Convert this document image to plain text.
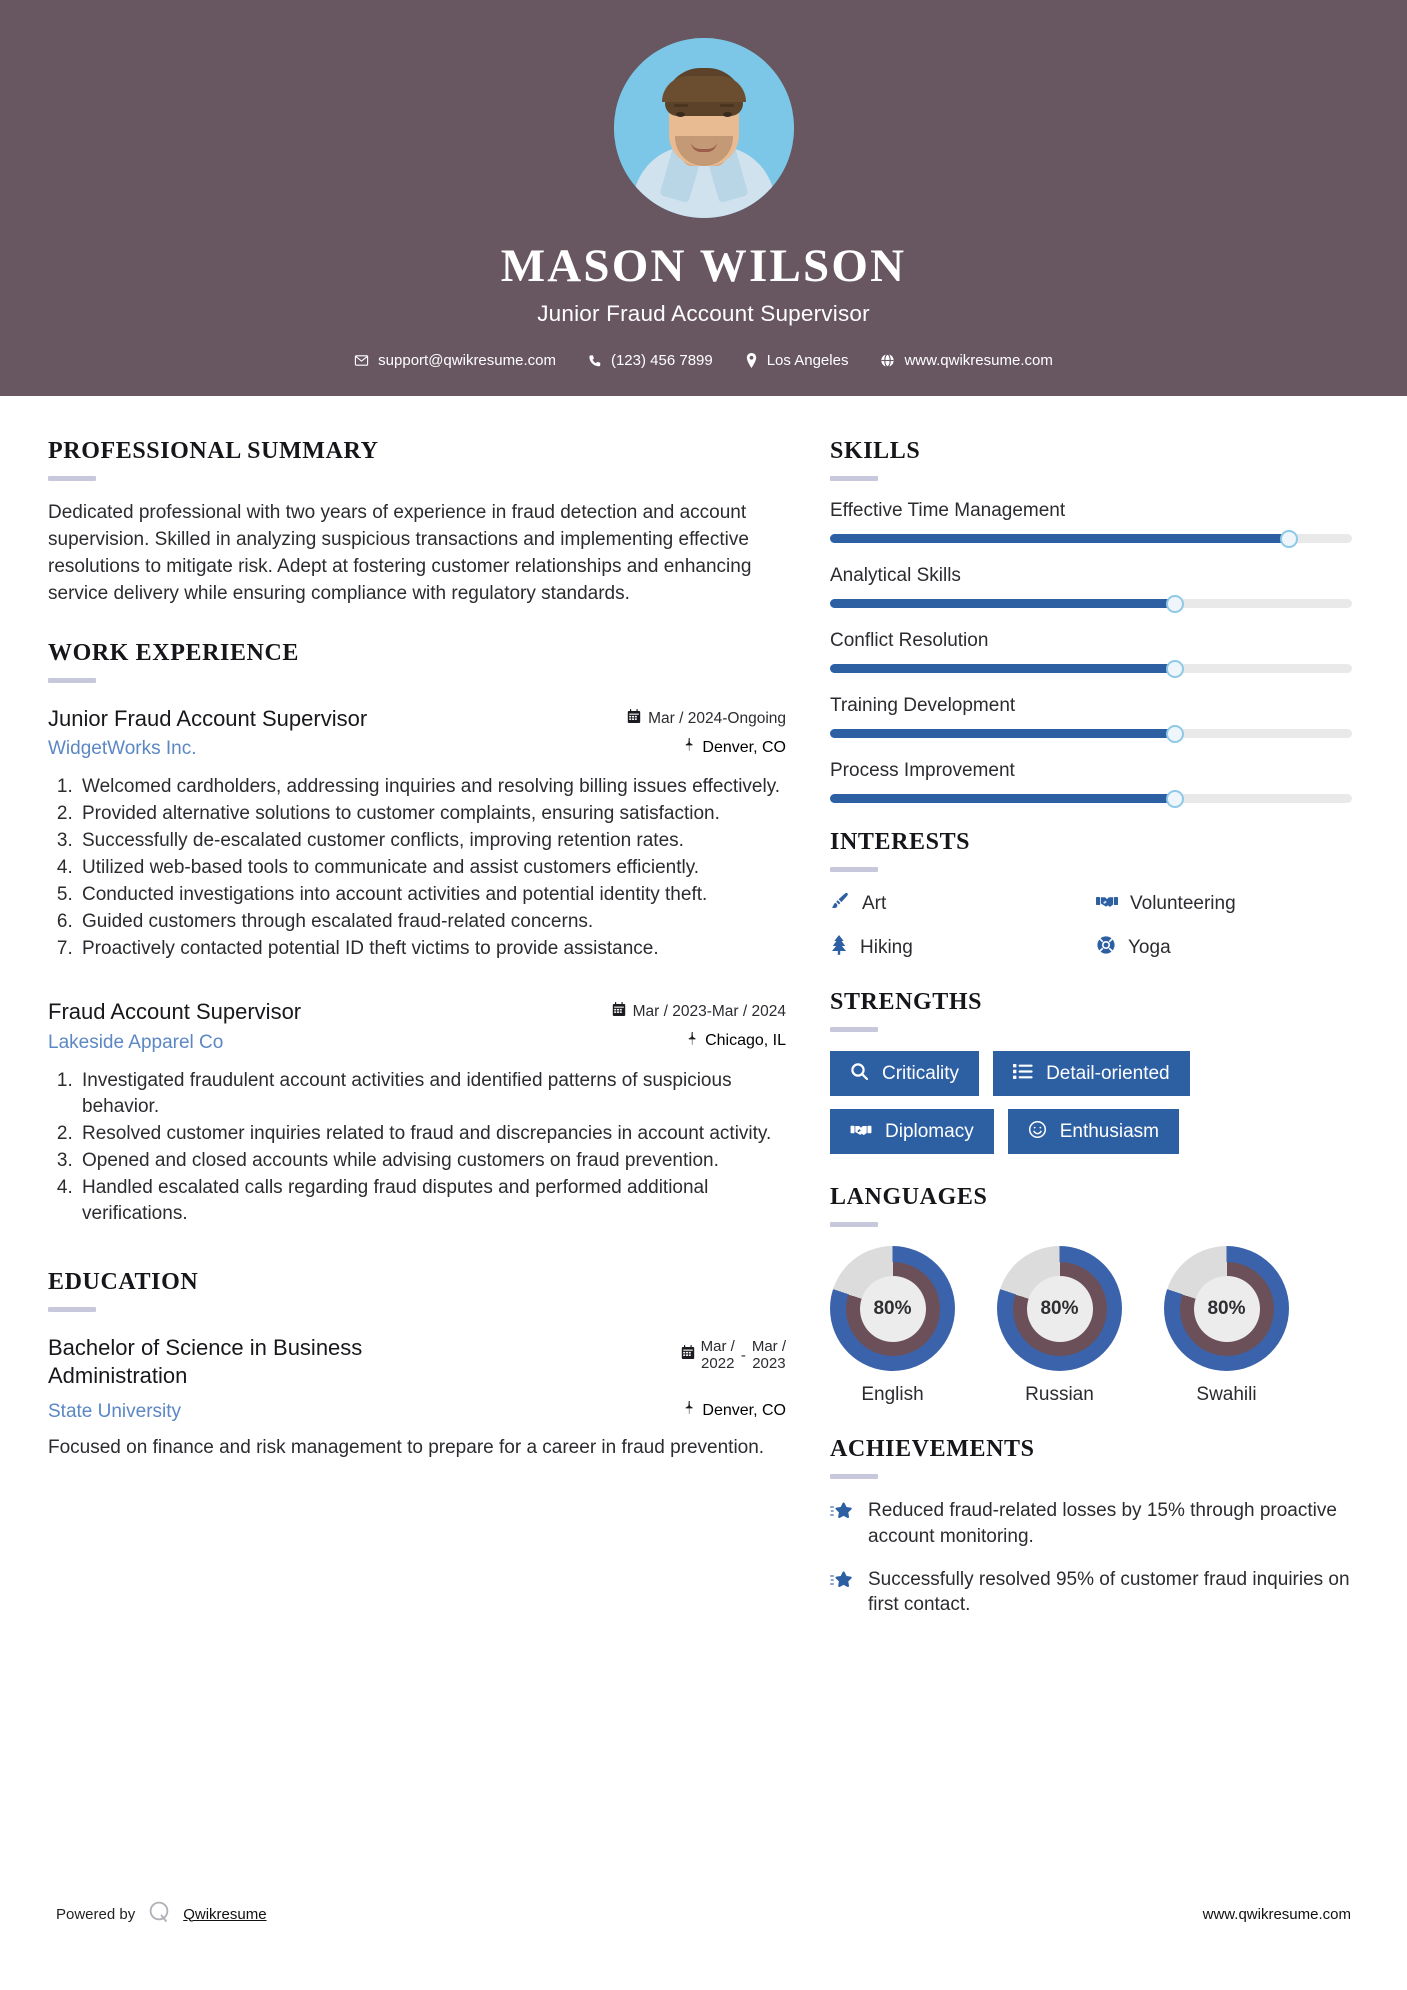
MASON WILSON
Junior Fraud Account Supervisor
support@qwikresume.com	(123) 456 7899	Los Angeles	www.qwikresume.com
PROFESSIONAL SUMMARY
Dedicated professional with two years of experience in fraud detection and account supervision. Skilled in analyzing suspicious transactions and implementing effective resolutions to mitigate risk. Adept at fostering customer relationships and enhancing service delivery while ensuring compliance with regulatory standards.
WORK EXPERIENCE
Junior Fraud Account Supervisor	Mar / 2024-Ongoing
WidgetWorks Inc.	Denver, CO
1. Welcomed cardholders, addressing inquiries and resolving billing issues effectively.
2. Provided alternative solutions to customer complaints, ensuring satisfaction.
3. Successfully de-escalated customer conflicts, improving retention rates.
4. Utilized web-based tools to communicate and assist customers efficiently.
5. Conducted investigations into account activities and potential identity theft.
6. Guided customers through escalated fraud-related concerns.
7. Proactively contacted potential ID theft victims to provide assistance.
Fraud Account Supervisor	Mar / 2023-Mar / 2024
Lakeside Apparel Co	Chicago, IL
1. Investigated fraudulent account activities and identified patterns of suspicious behavior.
2. Resolved customer inquiries related to fraud and discrepancies in account activity.
3. Opened and closed accounts while advising customers on fraud prevention.
4. Handled escalated calls regarding fraud disputes and performed additional verifications.
EDUCATION
Bachelor of Science in Business Administration
Mar /
2022 -
Mar /
2023
State University	Denver, CO
Focused on finance and risk management to prepare for a career in fraud prevention.
SKILLS
Effective Time Management
Analytical Skills
Conflict Resolution
Training Development
Process Improvement
INTERESTS
Art	Volunteering
Hiking	Yoga
STRENGTHS
Criticality	Detail-oriented
Diplomacy	Enthusiasm
LANGUAGES
80%
English
80%
Russian
80%
Swahili
ACHIEVEMENTS
Reduced fraud-related losses by 15% through proactive account monitoring.
Successfully resolved 95% of customer fraud inquiries on first contact.
Powered by	Qwikresume	www.qwikresume.com
